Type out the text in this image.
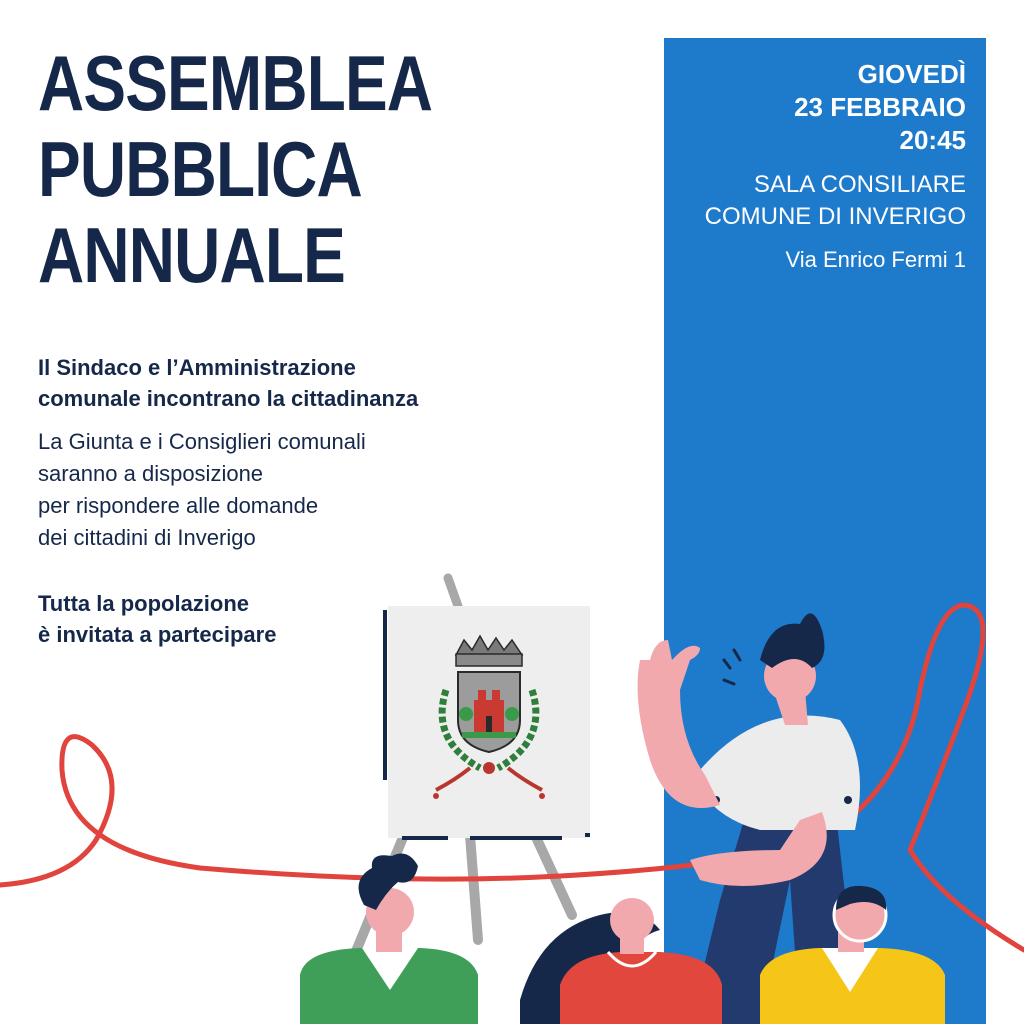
GIOVEDÌ
23 FEBBRAIO
20:45
SALA CONSILIARE
COMUNE DI INVERIGO
Via Enrico Fermi 1
ASSEMBLEA
PUBBLICA
ANNUALE

Il Sindaco e l’Amministrazione
comunale incontrano la cittadinanza

La Giunta e i Consiglieri comunali
saranno a disposizione
per rispondere alle domande
dei cittadini di Inverigo

Tutta la popolazione
è invitata a partecipare
